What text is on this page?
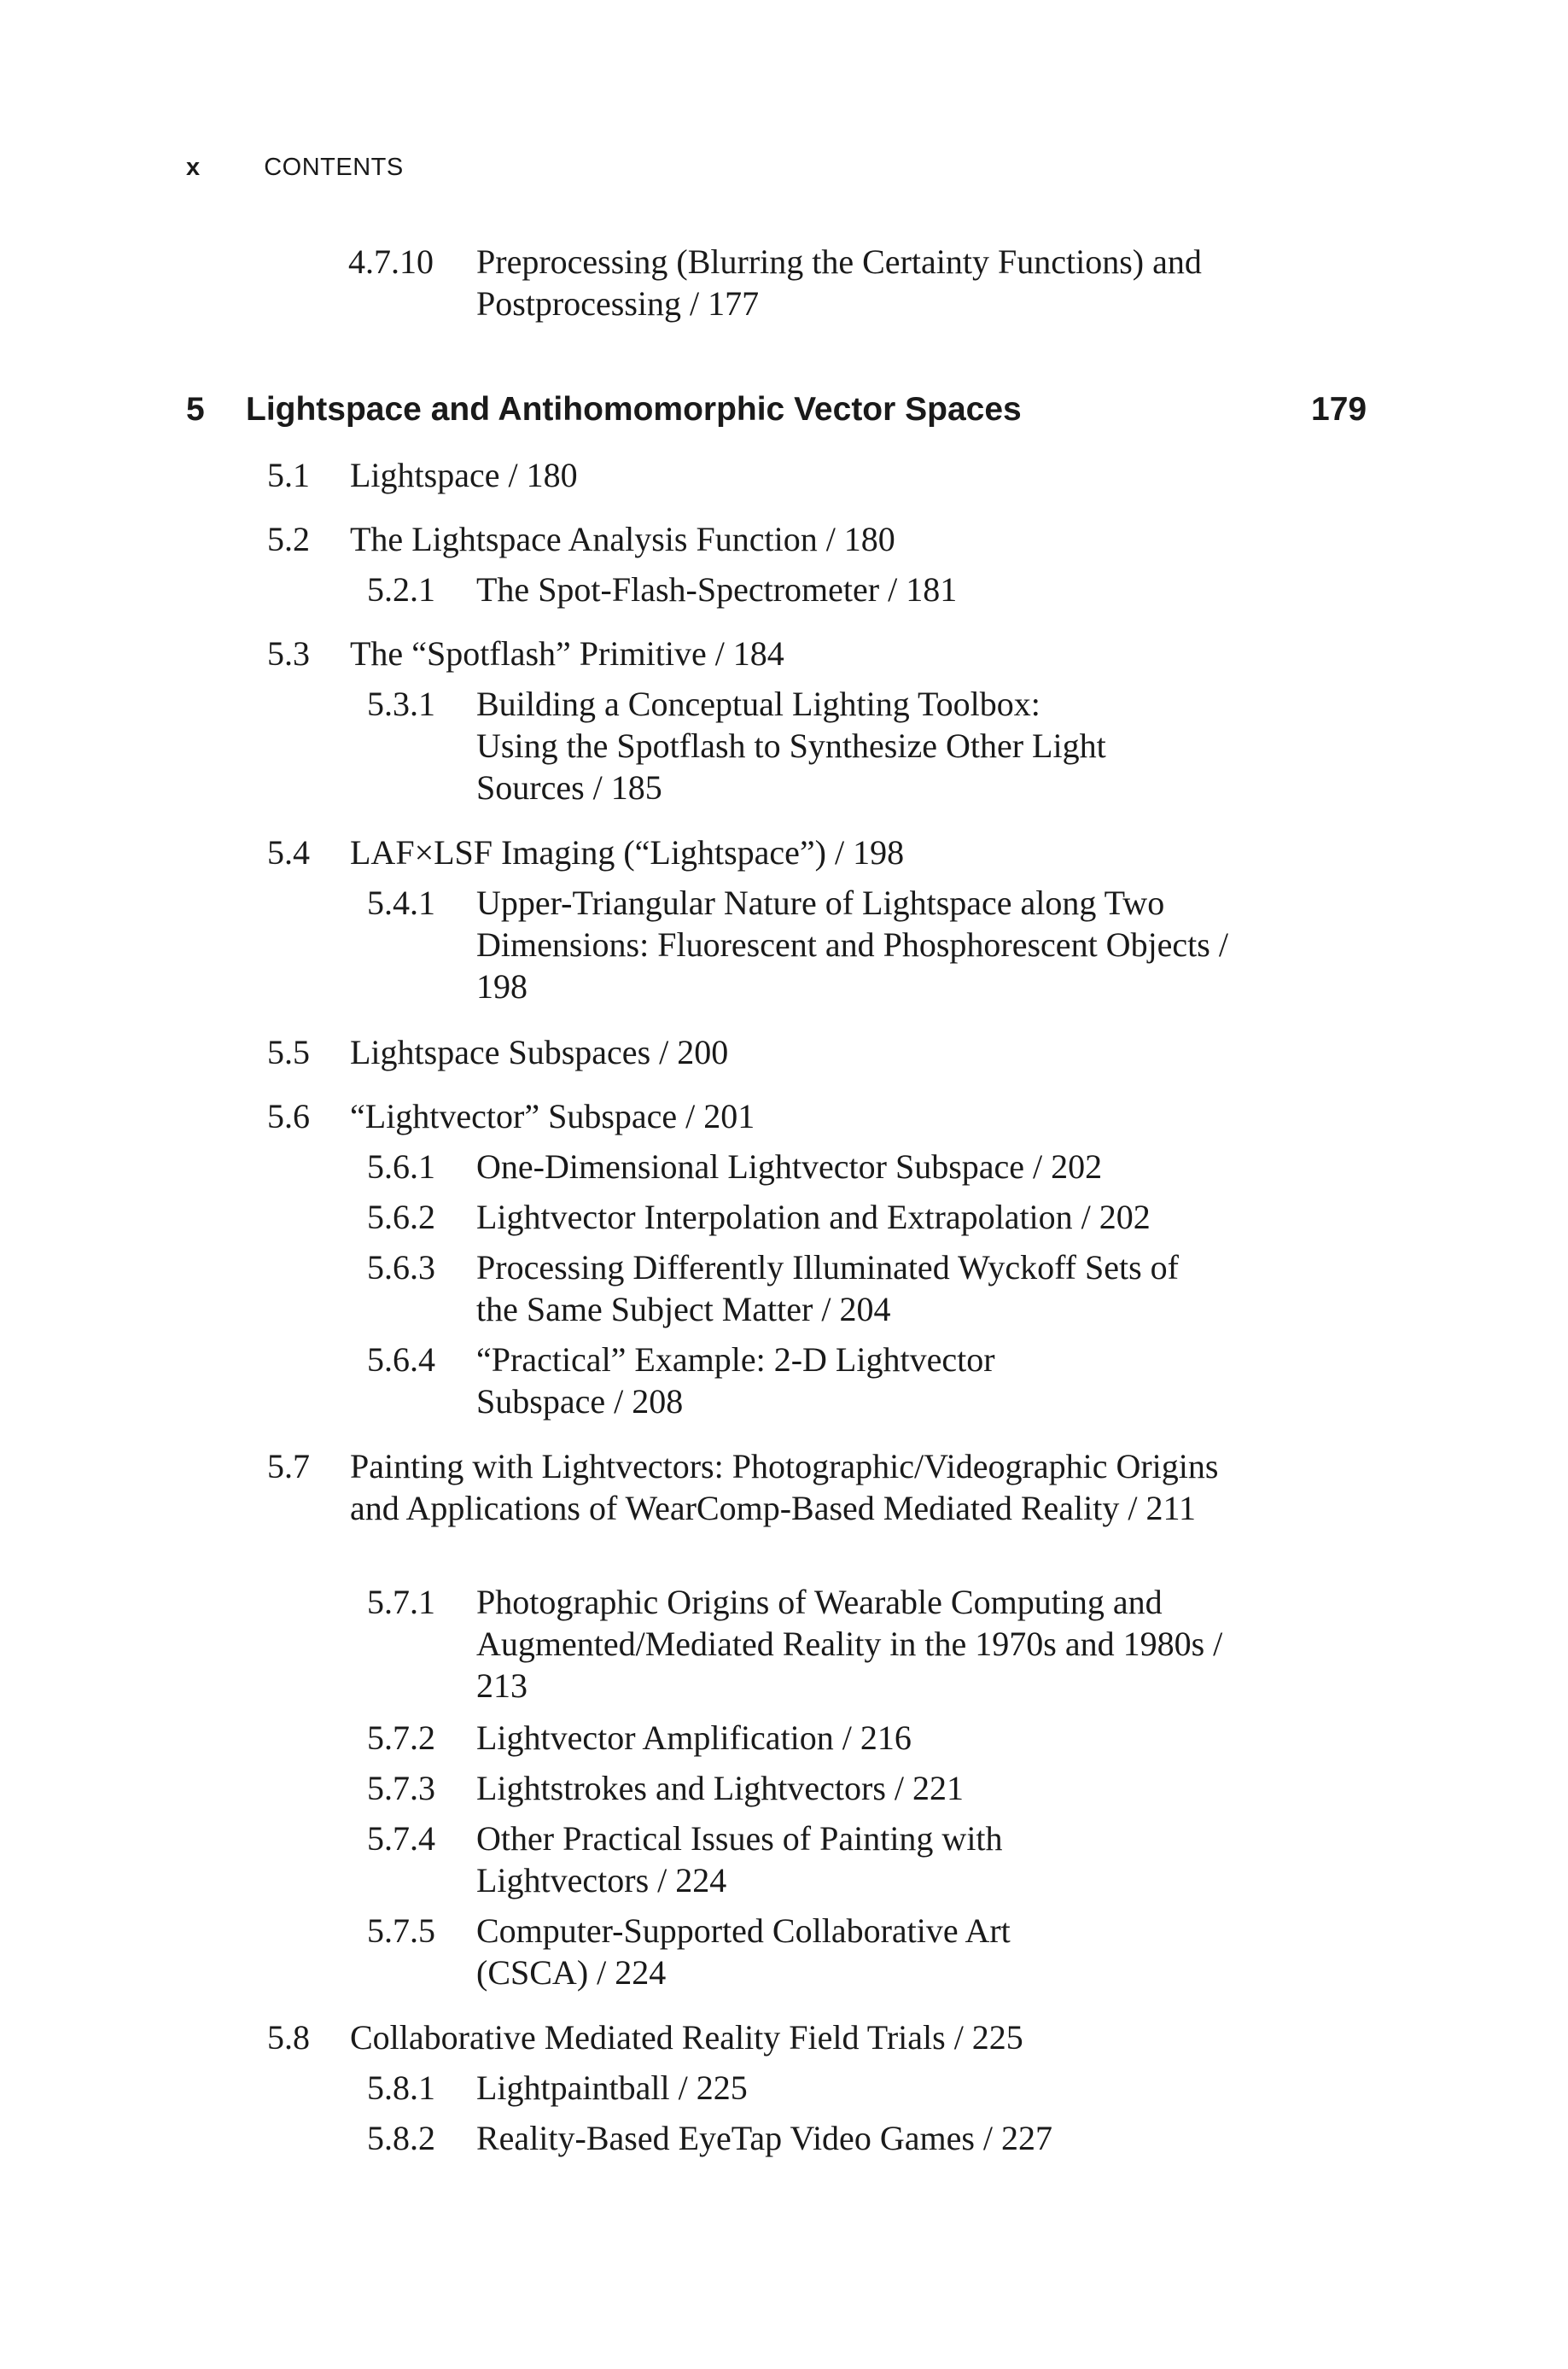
x	CONTENTS
4.7.10 Preprocessing (Blurring the Certainty Functions) and Postprocessing / 177
5 Lightspace and Antihomomorphic Vector Spaces	179
5.1 Lightspace / 180
5.2 The Lightspace Analysis Function / 180
5.2.1 The Spot-Flash-Spectrometer / 181
5.3 The “Spotflash” Primitive / 184
5.3.1 Building a Conceptual Lighting Toolbox: Using the Spotflash to Synthesize Other Light Sources / 185
5.4 LAF×LSF Imaging (“Lightspace”) / 198
5.4.1 Upper-Triangular Nature of Lightspace along Two Dimensions: Fluorescent and Phosphorescent Objects / 198
5.5 Lightspace Subspaces / 200
5.6 “Lightvector” Subspace / 201
5.6.1 One-Dimensional Lightvector Subspace / 202
5.6.2 Lightvector Interpolation and Extrapolation / 202
5.6.3 Processing Differently Illuminated Wyckoff Sets of the Same Subject Matter / 204
5.6.4 “Practical” Example: 2-D Lightvector Subspace / 208
5.7 Painting with Lightvectors: Photographic/Videographic Origins and Applications of WearComp-Based Mediated Reality / 211
5.7.1 Photographic Origins of Wearable Computing and Augmented/Mediated Reality in the 1970s and 1980s / 213
5.7.2 Lightvector Amplification / 216
5.7.3 Lightstrokes and Lightvectors / 221
5.7.4 Other Practical Issues of Painting with Lightvectors / 224
5.7.5 Computer-Supported Collaborative Art (CSCA) / 224
5.8 Collaborative Mediated Reality Field Trials / 225
5.8.1 Lightpaintball / 225
5.8.2 Reality-Based EyeTap Video Games / 227
